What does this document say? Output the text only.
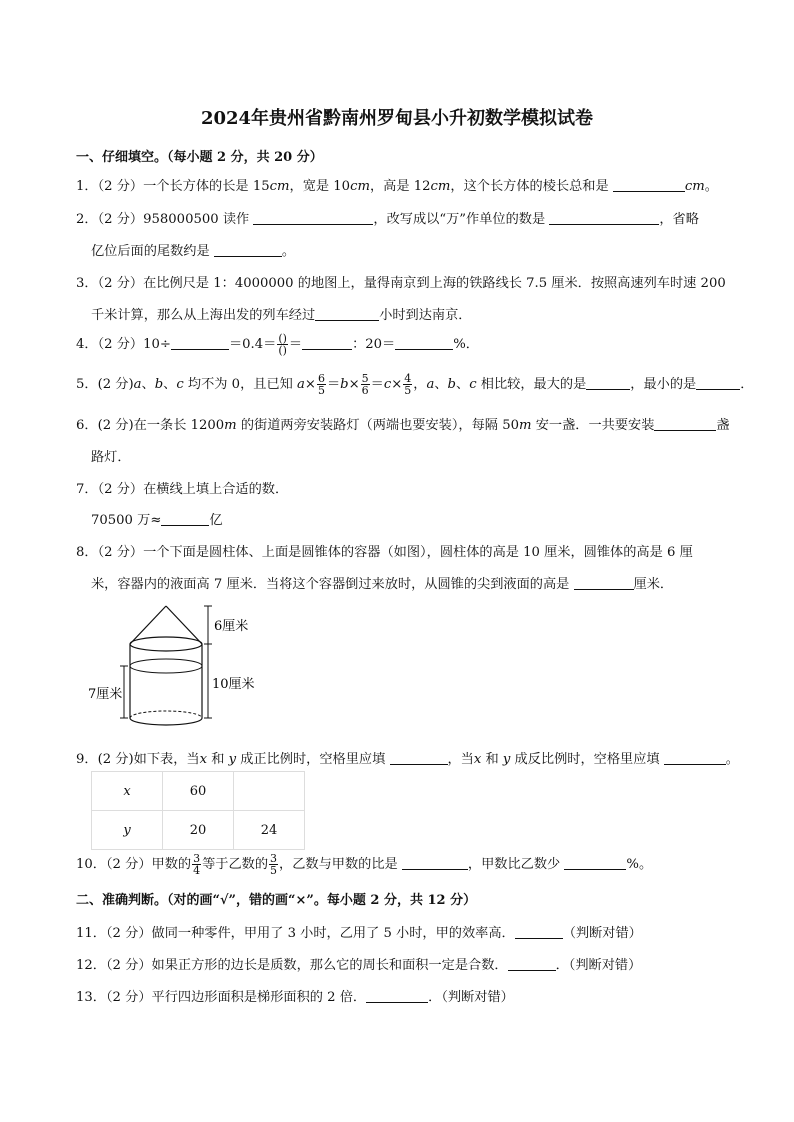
2024年贵州省黔南州罗甸县小升初数学模拟试卷
一、仔细填空。（每小题 2 分，共 20 分）
1．（2 分）一个长方体的长是 15cm，宽是 10cm，高是 12cm，这个长方体的棱长总和是	cm。
2．（2 分）958000500 读作	，改写成以“万”作单位的数是	，省略
亿位后面的尾数约是	。
3．（2 分）在比例尺是 1：4000000 的地图上，量得南京到上海的铁路线长 7.5 厘米．按照高速列车时速 200
千米计算，那么从上海出发的列车经过	小时到达南京．
4．（2 分）10÷	$=0.4= \frac{()}{()}$ ＝	：20＝	%．
5．(2 分)a、b、c 均不为 0，且已知 $a\times \frac{6}{5} =b\times \frac{5}{6} =c\times \frac{4}{5}$ ，a、b、c 相比较，最大的是	，最小的是	．
6．(2 分)在一条长 1200m 的街道两旁安装路灯（两端也要安装），每隔 50m 安一盏．一共要安装	盏
路灯．
7．（2 分）在横线上填上合适的数．
70500 万≈	亿
8．（2 分）一个下面是圆柱体、上面是圆锥体的容器（如图），圆柱体的高是 10 厘米，圆锥体的高是 6 厘
米，容器内的液面高 7 厘米．当将这个容器倒过来放时，从圆锥的尖到液面的高是	厘米．
6厘米
10厘米
7厘米
9．(2 分)如下表，当x 和 y 成正比例时，空格里应填	，当x 和 y 成反比例时，空格里应填	。
x	60	
y	20	24
10．（2 分）甲数的 $\frac{3}{4}$ 等于乙数的 $\frac{3}{5}$ ，乙数与甲数的比是	，甲数比乙数少	%。
二、准确判断。（对的画“√”，错的画“×”。每小题 2 分，共 12 分）
11．（2 分）做同一种零件，甲用了 3 小时，乙用了 5 小时，甲的效率高．	（判断对错）
12．（2 分）如果正方形的边长是质数，那么它的周长和面积一定是合数．	．（判断对错）
13．（2 分）平行四边形面积是梯形面积的 2 倍．	．（判断对错）
